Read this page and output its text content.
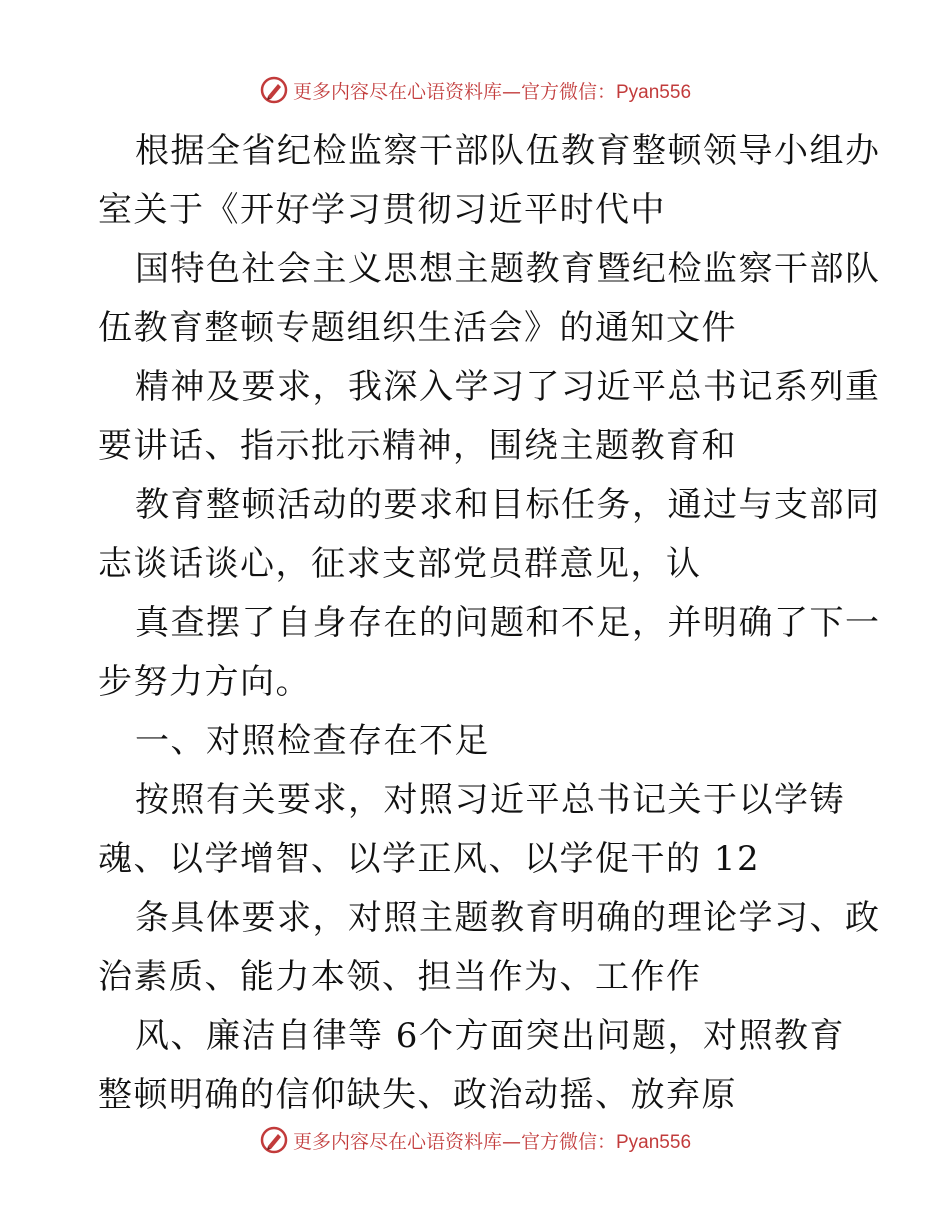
更多内容尽在心语资料库—官方微信：Pyan556
根据全省纪检监察干部队伍教育整顿领导小组办
室关于《开好学习贯彻习近平时代中
国特色社会主义思想主题教育暨纪检监察干部队
伍教育整顿专题组织生活会》的通知文件
精神及要求，我深入学习了习近平总书记系列重
要讲话、指示批示精神，围绕主题教育和
教育整顿活动的要求和目标任务，通过与支部同
志谈话谈心，征求支部党员群意见，认
真查摆了自身存在的问题和不足，并明确了下一
步努力方向。
一、对照检查存在不足
按照有关要求，对照习近平总书记关于以学铸
魂、以学增智、以学正风、以学促干的 12
条具体要求，对照主题教育明确的理论学习、政
治素质、能力本领、担当作为、工作作
风、廉洁自律等 6个方面突出问题，对照教育
整顿明确的信仰缺失、政治动摇、放弃原
更多内容尽在心语资料库—官方微信：Pyan556
